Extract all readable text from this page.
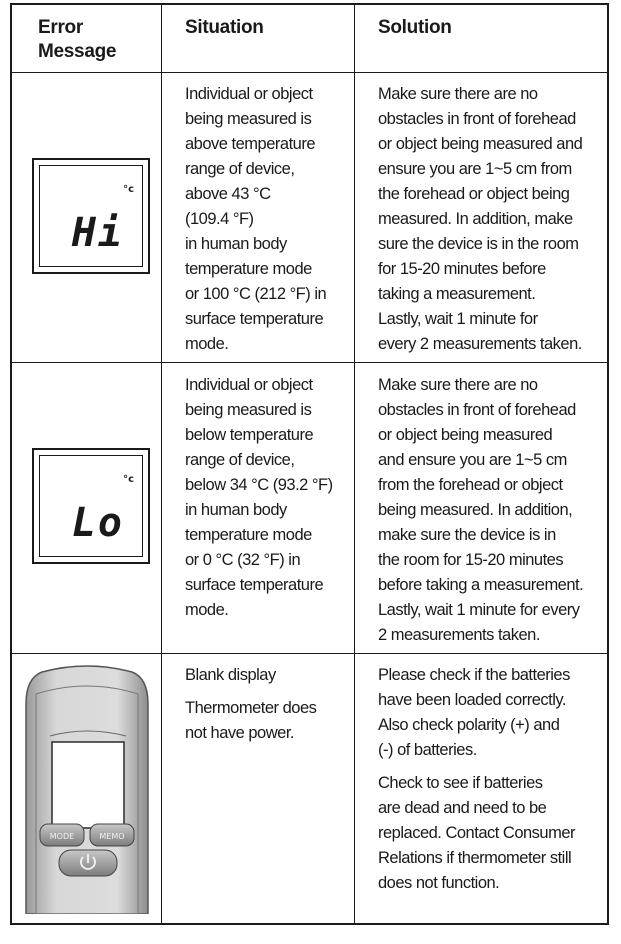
Error
Message
Situation	Solution
°c
Hi
Individual or object
being measured is
above temperature
range of device,
above 43 °C
(109.4 °F)
in human body
temperature mode
or 100 °C (212 °F) in
surface temperature
mode.
Make sure there are no
obstacles in front of forehead
or object being measured and
ensure you are 1~5 cm from
the forehead or object being
measured. In addition, make
sure the device is in the room
for 15-20 minutes before
taking a measurement.
Lastly, wait 1 minute for
every 2 measurements taken.
°c
Lo
Individual or object
being measured is
below temperature
range of device,
below 34 °C (93.2 °F)
in human body
temperature mode
or 0 °C (32 °F) in
surface temperature
mode.
Make sure there are no
obstacles in front of forehead
or object being measured
and ensure you are 1~5 cm
from the forehead or object
being measured. In addition,
make sure the device is in
the room for 15-20 minutes
before taking a measurement.
Lastly, wait 1 minute for every
2 measurements taken.
MODE	MEMO
Blank display
Thermometer does
not have power.
Please check if the batteries
have been loaded correctly.
Also check polarity (+) and
(-) of batteries.
Check to see if batteries
are dead and need to be
replaced. Contact Consumer
Relations if thermometer still
does not function.
